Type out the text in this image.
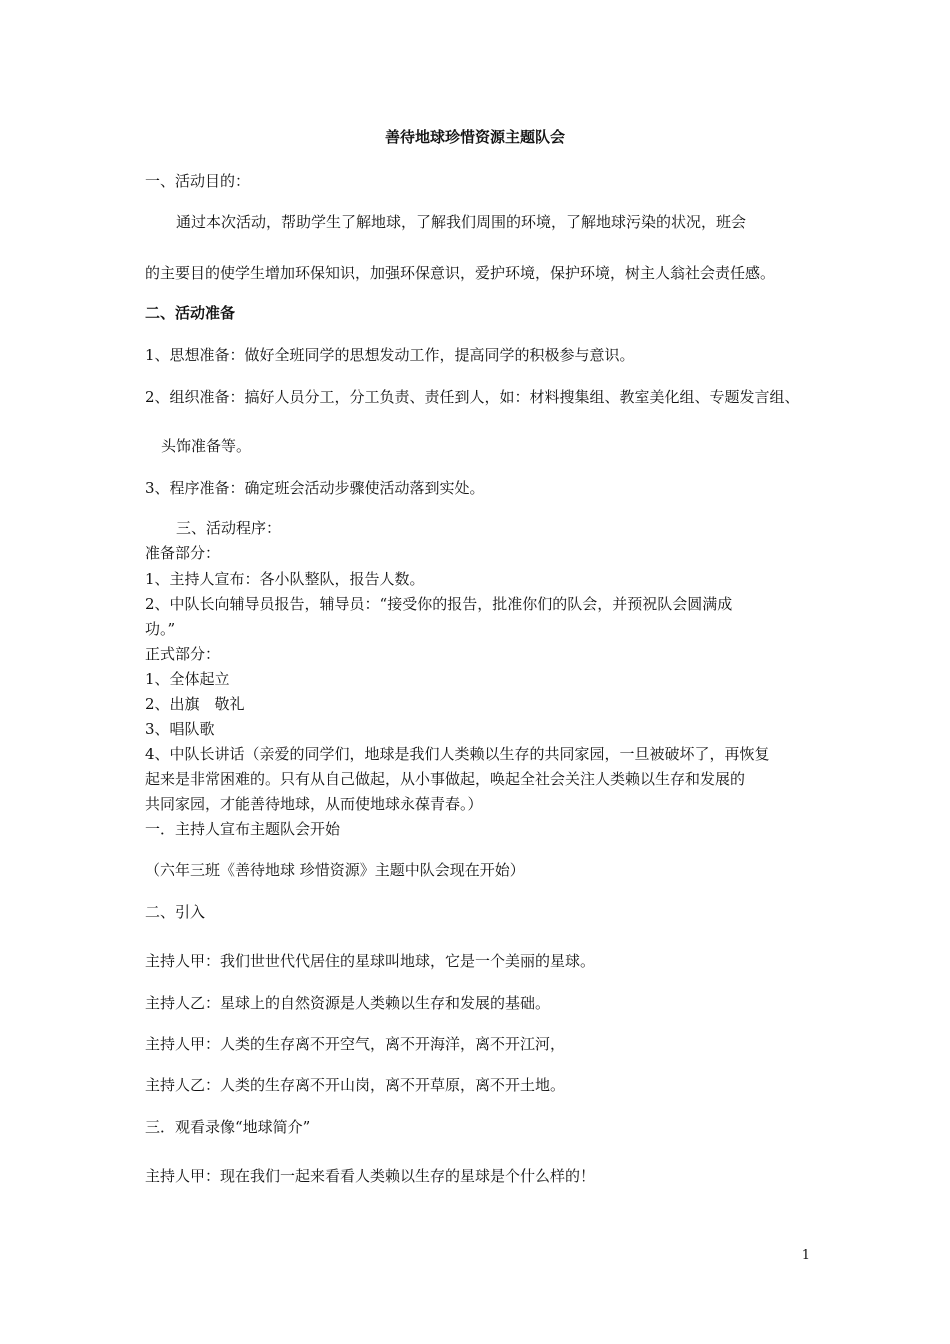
善待地球珍惜资源主题队会
一、活动目的：
通过本次活动，帮助学生了解地球，了解我们周围的环境，了解地球污染的状况，班会
的主要目的使学生增加环保知识，加强环保意识，爱护环境，保护环境，树主人翁社会责任感。
二、活动准备
1、思想准备：做好全班同学的思想发动工作，提高同学的积极参与意识。
2、组织准备：搞好人员分工，分工负责、责任到人，如：材料搜集组、教室美化组、专题发言组、
头饰准备等。
3、程序准备：确定班会活动步骤使活动落到实处。
三、活动程序：
准备部分：
1、主持人宣布：各小队整队，报告人数。
2、中队长向辅导员报告，辅导员：“接受你的报告，批准你们的队会，并预祝队会圆满成
功。”
正式部分：
1、全体起立
2、出旗　敬礼
3、唱队歌
4、中队长讲话（亲爱的同学们，地球是我们人类赖以生存的共同家园，一旦被破坏了，再恢复
起来是非常困难的。只有从自己做起，从小事做起，唤起全社会关注人类赖以生存和发展的
共同家园，才能善待地球，从而使地球永葆青春。）
一．主持人宣布主题队会开始
（六年三班《善待地球 珍惜资源》主题中队会现在开始）
二、引入
主持人甲：我们世世代代居住的星球叫地球，它是一个美丽的星球。
主持人乙：星球上的自然资源是人类赖以生存和发展的基础。
主持人甲：人类的生存离不开空气，离不开海洋，离不开江河，
主持人乙：人类的生存离不开山岗，离不开草原，离不开土地。
三．观看录像“地球简介”
主持人甲：现在我们一起来看看人类赖以生存的星球是个什么样的！
1
